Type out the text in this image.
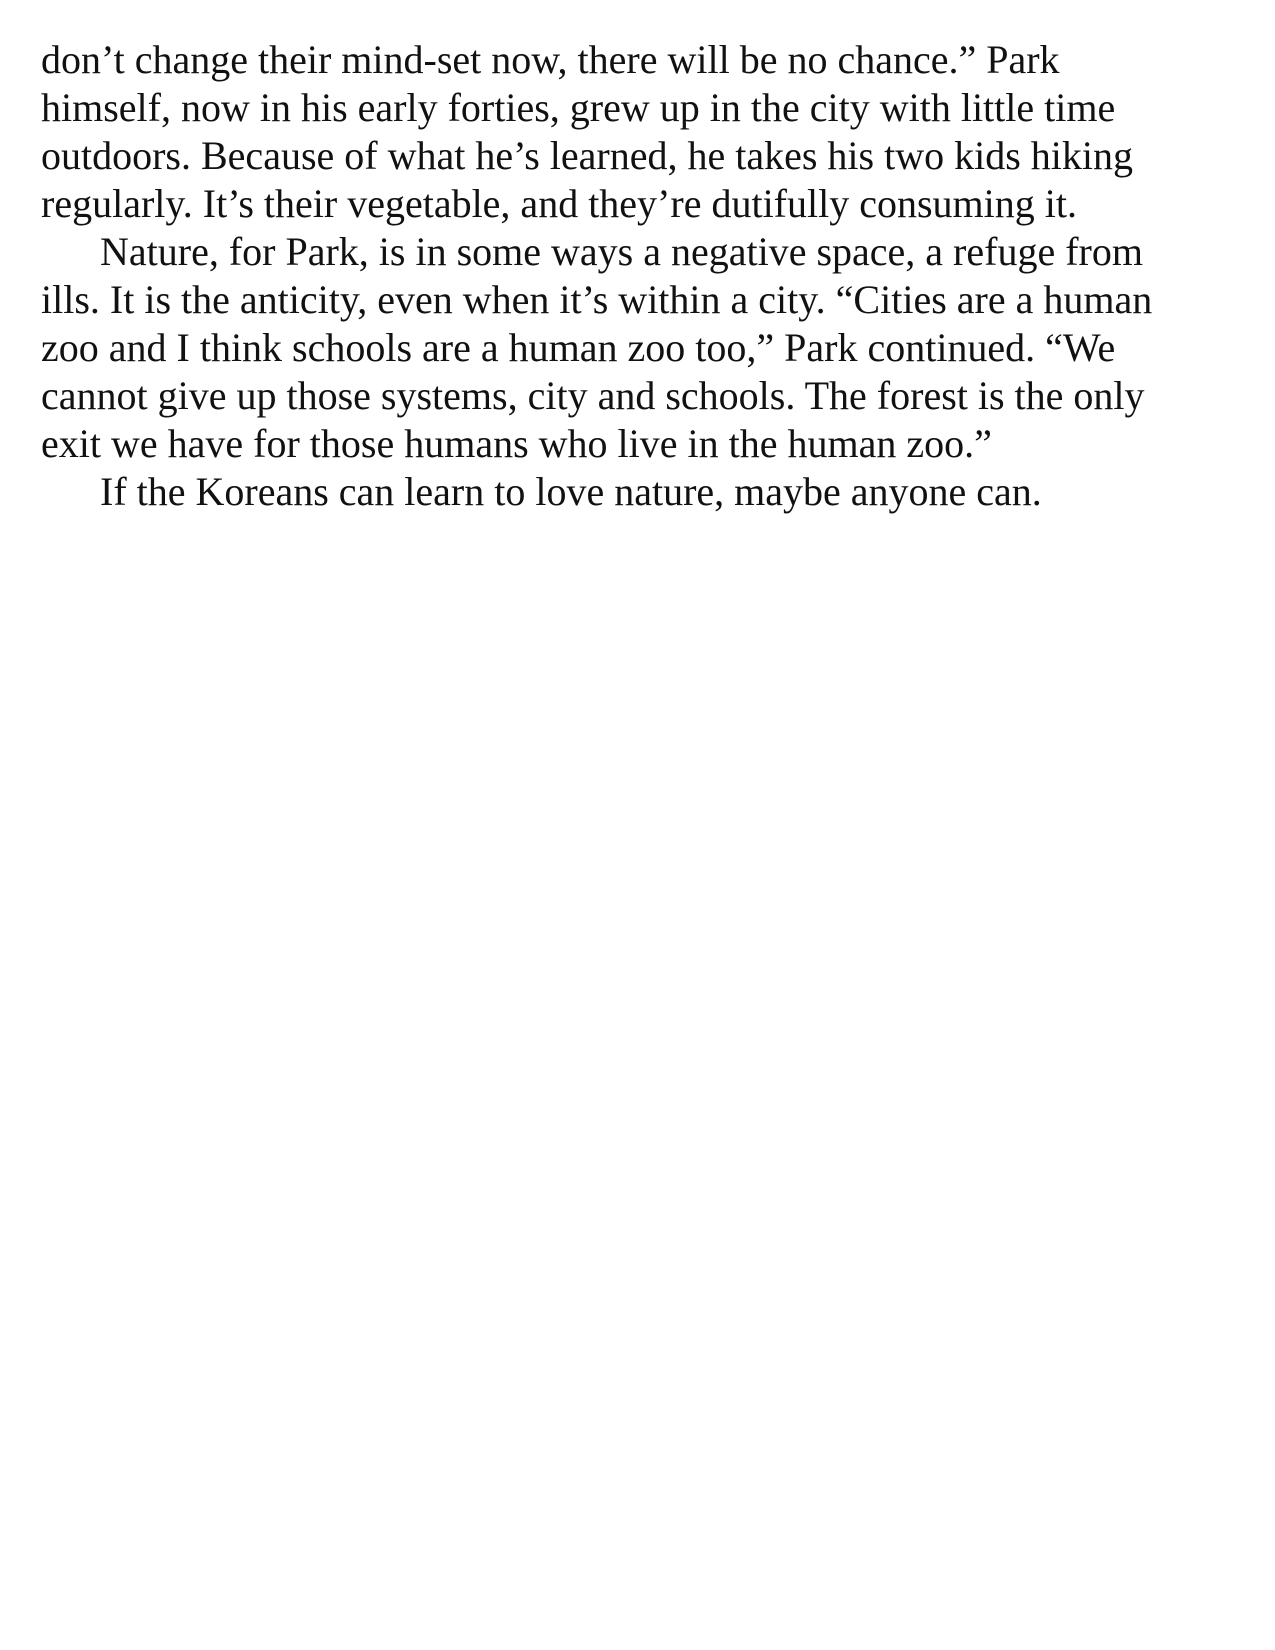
don’t change their mind-set now, there will be no chance.” Park
himself, now in his early forties, grew up in the city with little time
outdoors. Because of what he’s learned, he takes his two kids hiking
regularly. It’s their vegetable, and they’re dutifully consuming it.

Nature, for Park, is in some ways a negative space, a refuge from
ills. It is the anticity, even when it’s within a city. “Cities are a human
zoo and I think schools are a human zoo too,” Park continued. “We
cannot give up those systems, city and schools. The forest is the only
exit we have for those humans who live in the human zoo.”

If the Koreans can learn to love nature, maybe anyone can.
